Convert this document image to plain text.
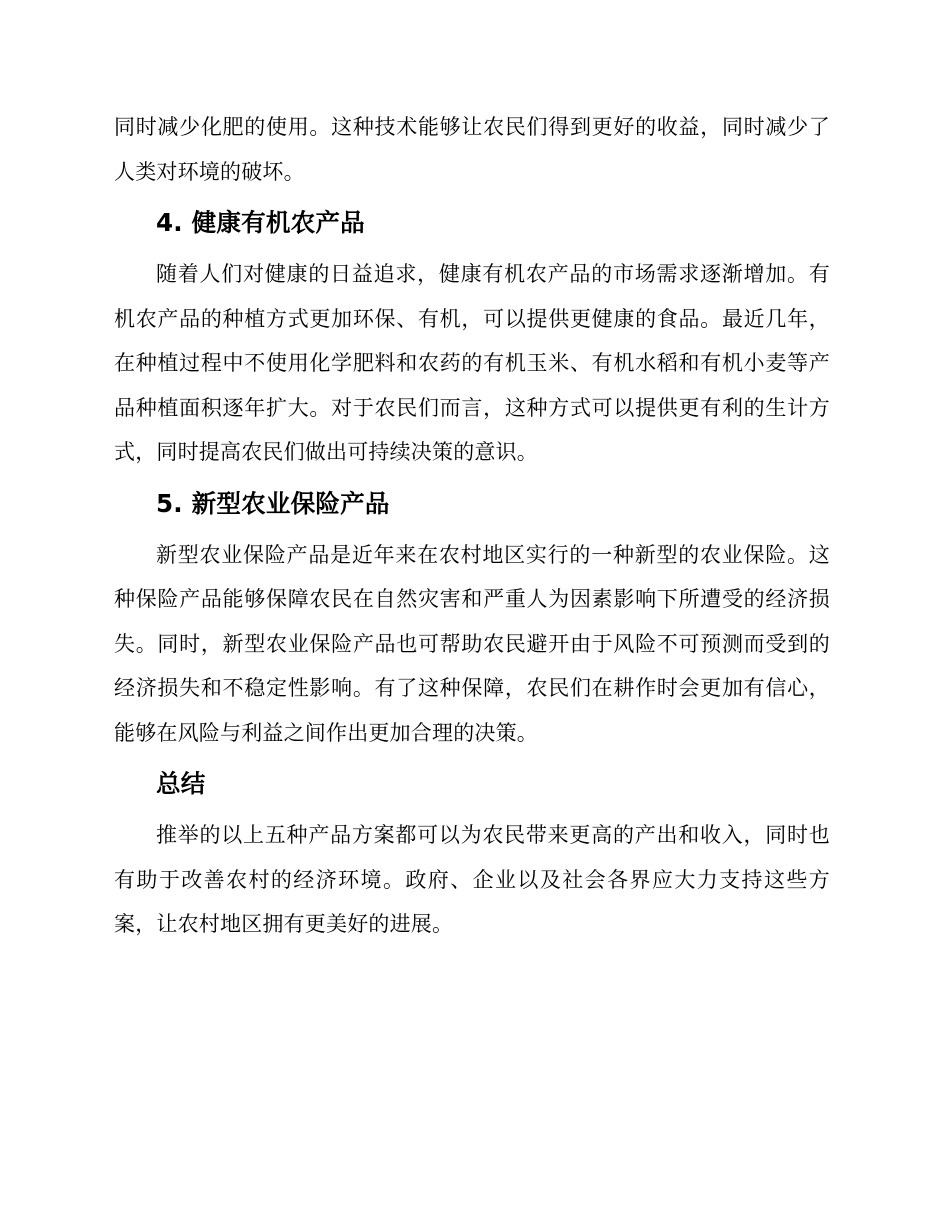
同时减少化肥的使用。这种技术能够让农民们得到更好的收益，同时减少了人类对环境的破坏。

4. 健康有机农产品

随着人们对健康的日益追求，健康有机农产品的市场需求逐渐增加。有机农产品的种植方式更加环保、有机，可以提供更健康的食品。最近几年，在种植过程中不使用化学肥料和农药的有机玉米、有机水稻和有机小麦等产品种植面积逐年扩大。对于农民们而言，这种方式可以提供更有利的生计方式，同时提高农民们做出可持续决策的意识。

5. 新型农业保险产品

新型农业保险产品是近年来在农村地区实行的一种新型的农业保险。这种保险产品能够保障农民在自然灾害和严重人为因素影响下所遭受的经济损失。同时，新型农业保险产品也可帮助农民避开由于风险不可预测而受到的经济损失和不稳定性影响。有了这种保障，农民们在耕作时会更加有信心，能够在风险与利益之间作出更加合理的决策。

总结

推举的以上五种产品方案都可以为农民带来更高的产出和收入，同时也有助于改善农村的经济环境。政府、企业以及社会各界应大力支持这些方案，让农村地区拥有更美好的进展。
